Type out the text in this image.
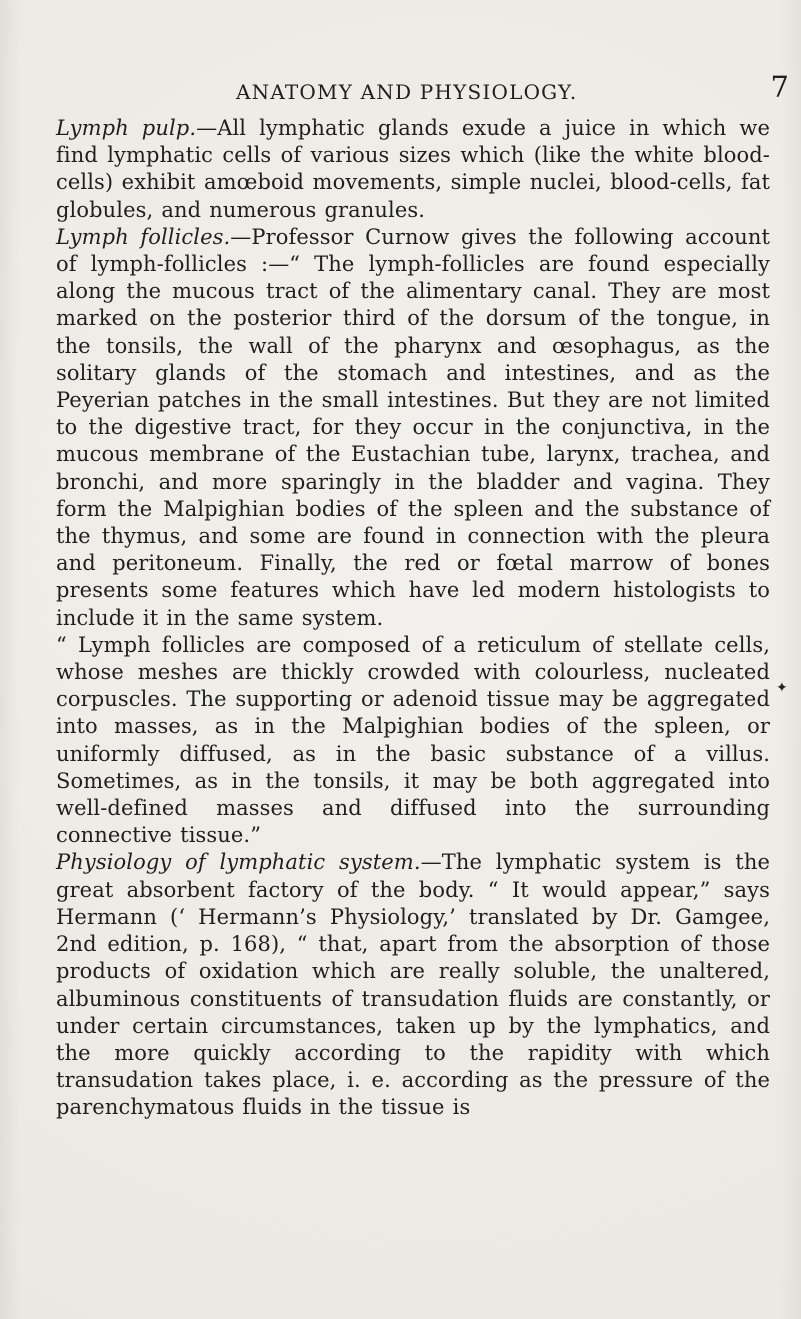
ANATOMY AND PHYSIOLOGY.	7

Lymph pulp.—All lymphatic glands exude a juice in which we find lymphatic cells of various sizes which (like the white blood-cells) exhibit amœboid movements, simple nuclei, blood-cells, fat globules, and numerous granules.

Lymph follicles.—Professor Curnow gives the following account of lymph-follicles :—“ The lymph-follicles are found especially along the mucous tract of the alimentary canal. They are most marked on the posterior third of the dorsum of the tongue, in the tonsils, the wall of the pharynx and œsophagus, as the solitary glands of the stomach and intestines, and as the Peyerian patches in the small intestines. But they are not limited to the digestive tract, for they occur in the conjunctiva, in the mucous membrane of the Eustachian tube, larynx, trachea, and bronchi, and more sparingly in the bladder and vagina. They form the Malpighian bodies of the spleen and the substance of the thymus, and some are found in connection with the pleura and peritoneum. Finally, the red or fœtal marrow of bones presents some features which have led modern histologists to include it in the same system.

“ Lymph follicles are composed of a reticulum of stellate cells, whose meshes are thickly crowded with colourless, nucleated corpuscles. The supporting or adenoid tissue may be aggregated into masses, as in the Malpighian bodies of the spleen, or uniformly diffused, as in the basic substance of a villus. Sometimes, as in the tonsils, it may be both aggregated into well-defined masses and diffused into the surrounding connective tissue.”

Physiology of lymphatic system.—The lymphatic system is the great absorbent factory of the body. “ It would appear,” says Hermann (‘ Hermann’s Physiology,’ translated by Dr. Gamgee, 2nd edition, p. 168), “ that, apart from the absorption of those products of oxidation which are really soluble, the unaltered, albuminous constituents of transudation fluids are constantly, or under certain circumstances, taken up by the lymphatics, and the more quickly according to the rapidity with which transudation takes place, i. e. according as the pressure of the parenchymatous fluids in the tissue is

✦
